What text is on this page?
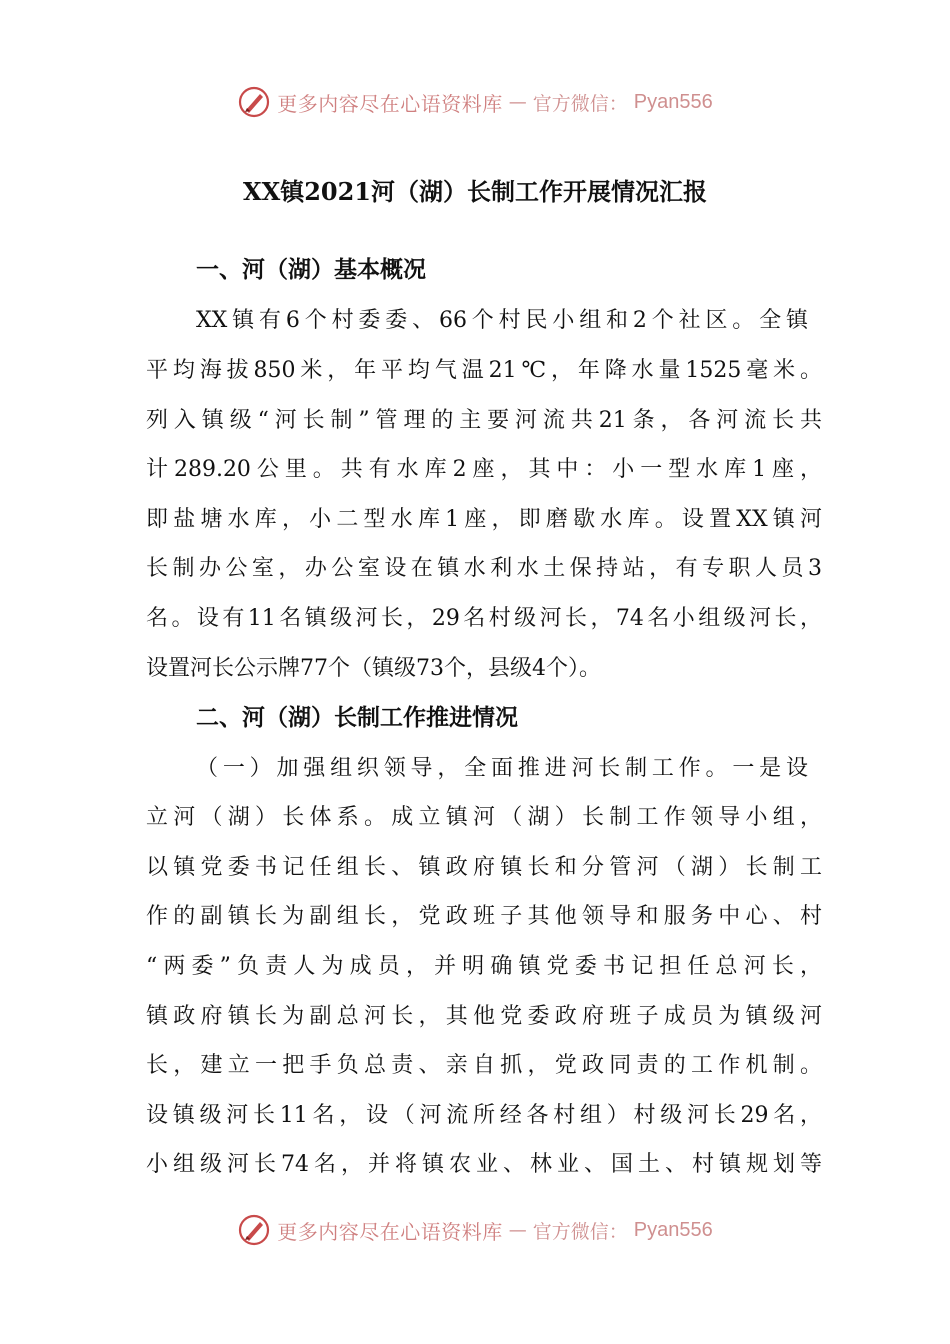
更多内容尽在心语资料库 — 官方微信： Pyan556
XX镇2021河（湖）长制工作开展情况汇报
一、河（湖）基本概况

XX镇有6个村委委、66个村民小组和2个社区。全镇

平均海拔850米，年平均气温21℃，年降水量1525毫米。

列入镇级“河长制”管理的主要河流共21条，各河流长共

计289.20公里。共有水库2座，其中：小一型水库1座，

即盐塘水库，小二型水库1座，即磨歇水库。设置XX镇河

长制办公室，办公室设在镇水利水土保持站，有专职人员3

名。设有11名镇级河长，29名村级河长，74名小组级河长，

设置河长公示牌77个（镇级73个，县级4个）。

二、河（湖）长制工作推进情况

（一）加强组织领导，全面推进河长制工作。一是设

立河（湖）长体系。成立镇河（湖）长制工作领导小组，

以镇党委书记任组长、镇政府镇长和分管河（湖）长制工

作的副镇长为副组长，党政班子其他领导和服务中心、村

“两委”负责人为成员，并明确镇党委书记担任总河长，

镇政府镇长为副总河长，其他党委政府班子成员为镇级河

长，建立一把手负总责、亲自抓，党政同责的工作机制。

设镇级河长11名，设（河流所经各村组）村级河长29名，

小组级河长74名，并将镇农业、林业、国土、村镇规划等

更多内容尽在心语资料库 — 官方微信： Pyan556
